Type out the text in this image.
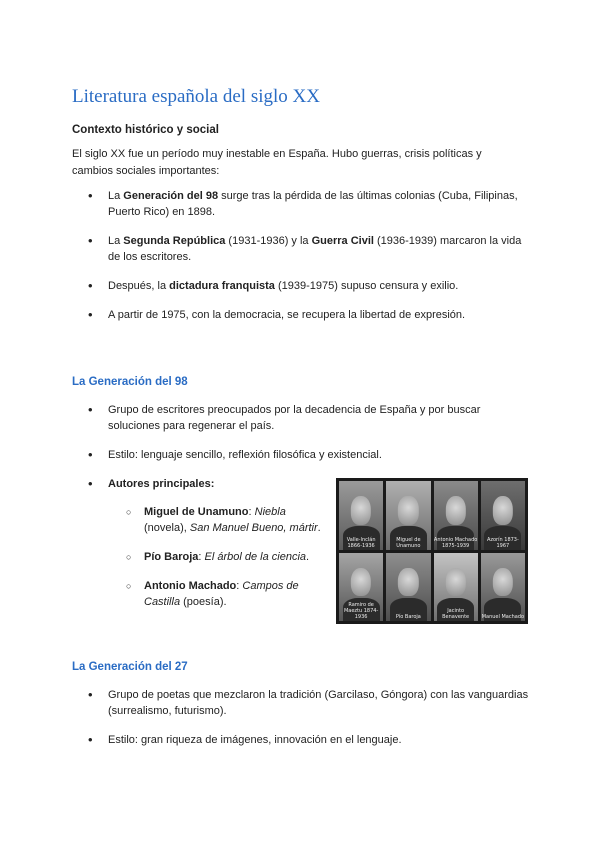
Literatura española del siglo XX
Contexto histórico y social

El siglo XX fue un período muy inestable en España. Hubo guerras, crisis políticas y cambios sociales importantes:

• La Generación del 98 surge tras la pérdida de las últimas colonias (Cuba, Filipinas, Puerto Rico) en 1898.
• La Segunda República (1931-1936) y la Guerra Civil (1936-1939) marcaron la vida de los escritores.
• Después, la dictadura franquista (1939-1975) supuso censura y exilio.
• A partir de 1975, con la democracia, se recupera la libertad de expresión.
La Generación del 98
• Grupo de escritores preocupados por la decadencia de España y por buscar soluciones para regenerar el país.
• Estilo: lenguaje sencillo, reflexión filosófica y existencial.
• Autores principales:
○ Miguel de Unamuno: Niebla (novela), San Manuel Bueno, mártir.
○ Pío Baroja: El árbol de la ciencia.
○ Antonio Machado: Campos de Castilla (poesía).
Valle-Inclán 1866-1936
Miguel de Unamuno
Antonio Machado 1875-1939
Azorín 1873-1967
Ramiro de Maeztu 1874-1936	Pío Baroja
Jacinto Benavente	Manuel Machado
La Generación del 27
• Grupo de poetas que mezclaron la tradición (Garcilaso, Góngora) con las vanguardias (surrealismo, futurismo).
• Estilo: gran riqueza de imágenes, innovación en el lenguaje.
